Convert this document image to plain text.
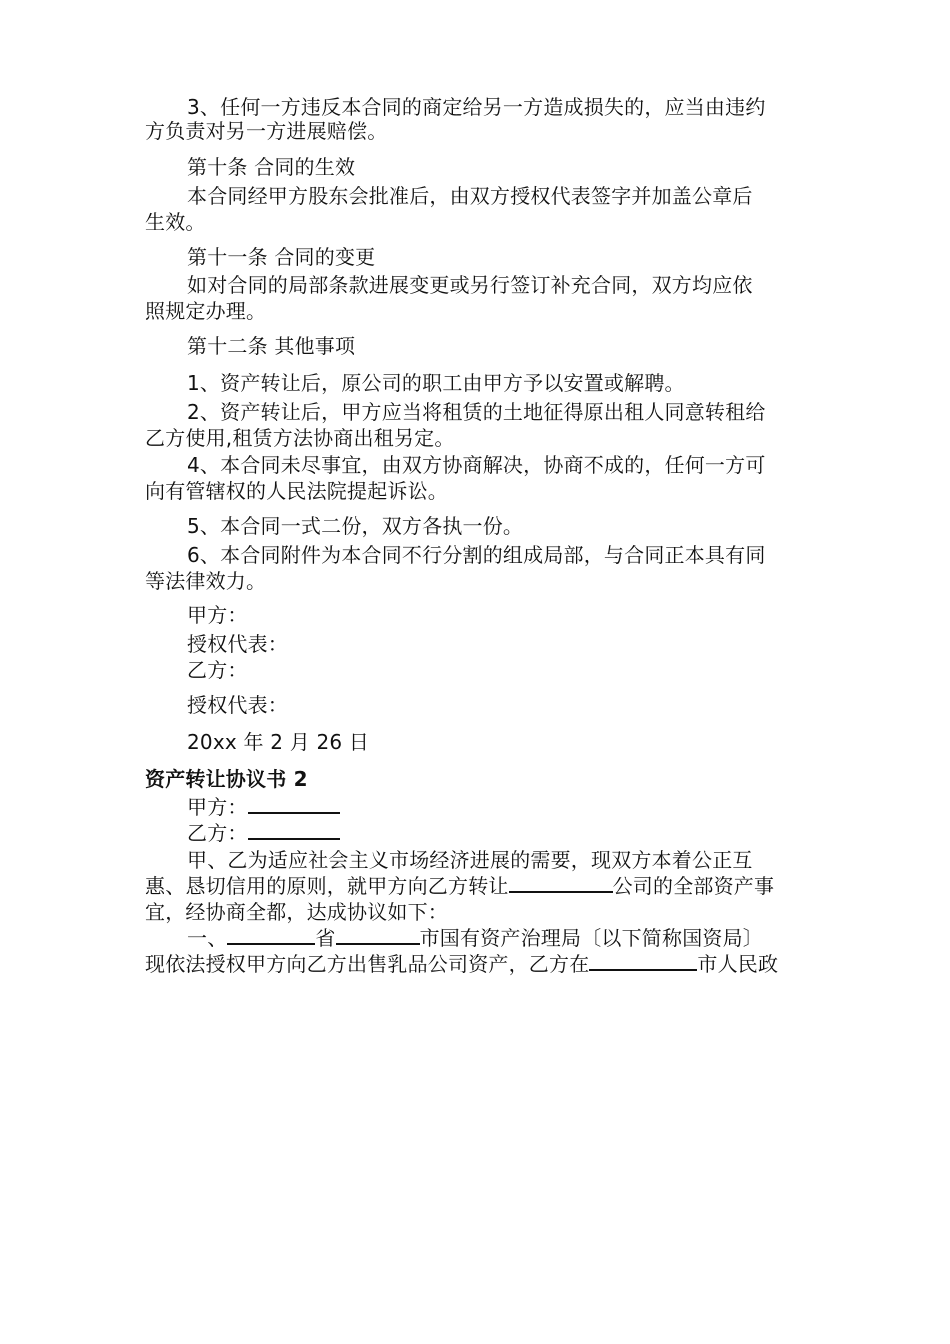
3、任何一方违反本合同的商定给另一方造成损失的，应当由违约
方负责对另一方进展赔偿。
第十条 合同的生效
本合同经甲方股东会批准后，由双方授权代表签字并加盖公章后
生效。
第十一条 合同的变更
如对合同的局部条款进展变更或另行签订补充合同，双方均应依
照规定办理。
第十二条 其他事项
1、资产转让后，原公司的职工由甲方予以安置或解聘。
2、资产转让后，甲方应当将租赁的土地征得原出租人同意转租给
乙方使用,租赁方法协商出租另定。
4、本合同未尽事宜，由双方协商解决，协商不成的，任何一方可
向有管辖权的人民法院提起诉讼。
5、本合同一式二份，双方各执一份。
6、本合同附件为本合同不行分割的组成局部，与合同正本具有同
等法律效力。
甲方：
授权代表：
乙方：
授权代表：
20xx 年 2 月 26 日
资产转让协议书 2
甲方：
乙方：
甲、乙为适应社会主义市场经济进展的需要，现双方本着公正互
惠、恳切信用的原则，就甲方向乙方转让	公司的全部资产事
宜，经协商全都，达成协议如下：
一、	省	市国有资产治理局〔以下简称国资局〕
现依法授权甲方向乙方出售乳品公司资产，乙方在	市人民政
